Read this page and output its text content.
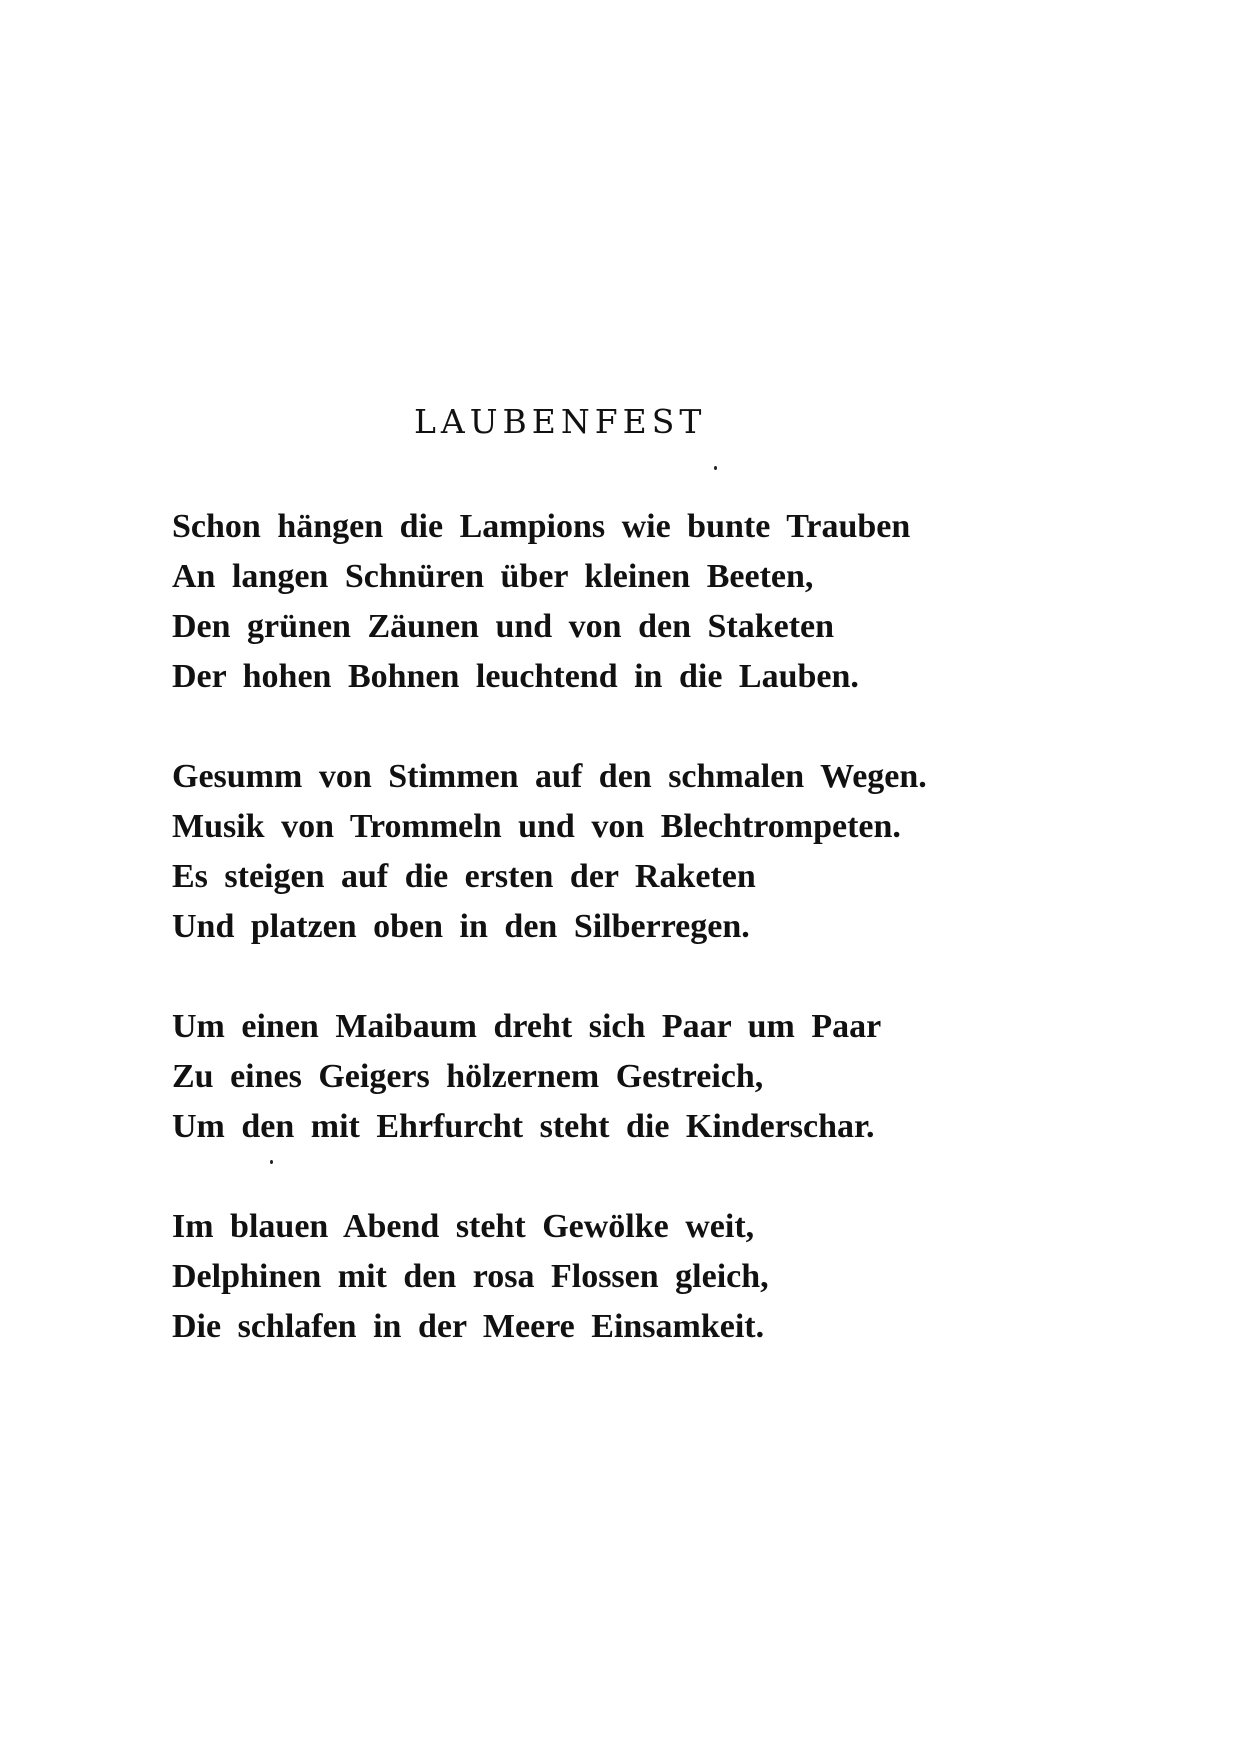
LAUBENFEST
Schon hängen die Lampions wie bunte Trauben
An langen Schnüren über kleinen Beeten,
Den grünen Zäunen und von den Staketen
Der hohen Bohnen leuchtend in die Lauben.
Gesumm von Stimmen auf den schmalen Wegen.
Musik von Trommeln und von Blechtrompeten.
Es steigen auf die ersten der Raketen
Und platzen oben in den Silberregen.
Um einen Maibaum dreht sich Paar um Paar
Zu eines Geigers hölzernem Gestreich,
Um den mit Ehrfurcht steht die Kinderschar.
Im blauen Abend steht Gewölke weit,
Delphinen mit den rosa Flossen gleich,
Die schlafen in der Meere Einsamkeit.
